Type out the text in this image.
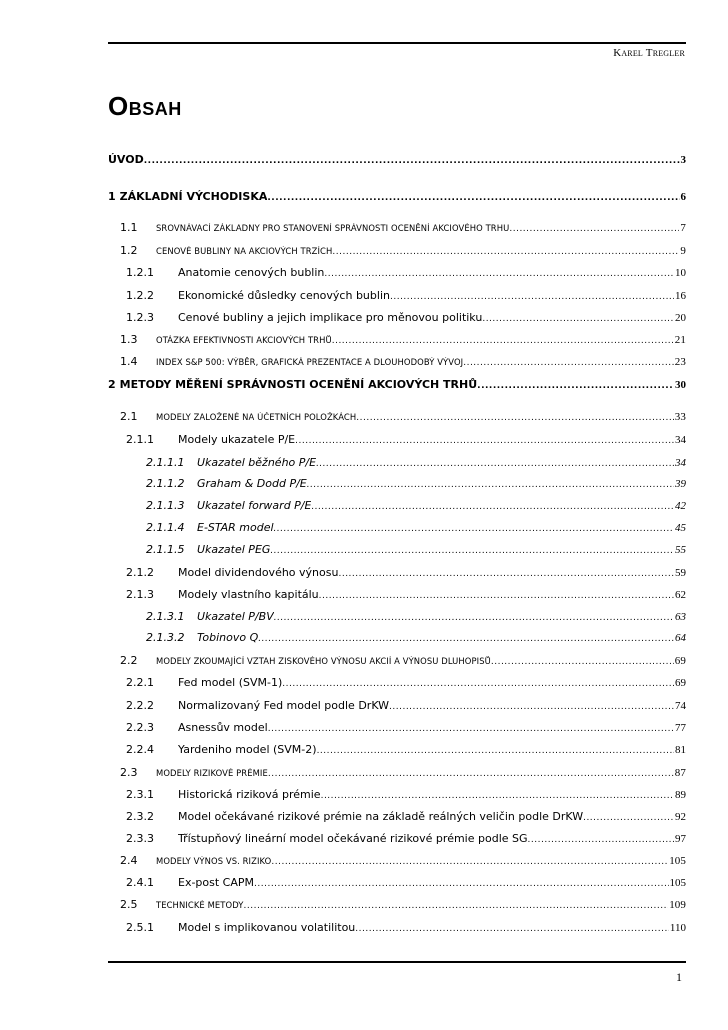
Karel Tregler
Obsah
ÚVOD .....	3
1 ZÁKLADNÍ VÝCHODISKA .....	6
1.1	SROVNÁVACÍ ZÁKLADNY PRO STANOVENÍ SPRÁVNOSTI OCENĚNÍ AKCIOVÉHO TRHU .....	7
1.2	CENOVÉ BUBLINY NA AKCIOVÝCH TRZÍCH .....	9
1.2.1	Anatomie cenových bublin .....	10
1.2.2	Ekonomické důsledky cenových bublin .....	16
1.2.3	Cenové bubliny a jejich implikace pro měnovou politiku .....	20
1.3	OTÁZKA EFEKTIVNOSTI AKCIOVÝCH TRHŮ .....	21
1.4	INDEX S&P 500: VÝBĚR, GRAFICKÁ PREZENTACE A DLOUHODOBÝ VÝVOJ .....	23
2 METODY MĚŘENÍ SPRÁVNOSTI OCENĚNÍ AKCIOVÝCH TRHŮ .....	30
2.1	MODELY ZALOŽENÉ NA ÚČETNÍCH POLOŽKÁCH .....	33
2.1.1	Modely ukazatele P/E .....	34
2.1.1.1	Ukazatel běžného P/E .....	34
2.1.1.2	Graham & Dodd P/E .....	39
2.1.1.3	Ukazatel forward P/E .....	42
2.1.1.4	E-STAR model .....	45
2.1.1.5	Ukazatel PEG .....	55
2.1.2	Model dividendového výnosu .....	59
2.1.3	Modely vlastního kapitálu .....	62
2.1.3.1	Ukazatel P/BV .....	63
2.1.3.2	Tobinovo Q .....	64
2.2	MODELY ZKOUMAJÍCÍ VZTAH ZISKOVÉHO VÝNOSU AKCIÍ A VÝNOSU DLUHOPISŮ .....	69
2.2.1	Fed model (SVM-1) .....	69
2.2.2	Normalizovaný Fed model podle DrKW .....	74
2.2.3	Asnessův model .....	77
2.2.4	Yardeniho model (SVM-2) .....	81
2.3	MODELY RIZIKOVÉ PRÉMIE .....	87
2.3.1	Historická riziková prémie .....	89
2.3.2	Model očekávané rizikové prémie na základě reálných veličin podle DrKW .....	92
2.3.3	Třístupňový lineární model očekávané rizikové prémie podle SG .....	97
2.4	MODELY VÝNOS VS. RIZIKO .....	105
2.4.1	Ex-post CAPM .....	105
2.5	TECHNICKÉ METODY .....	109
2.5.1	Model s implikovanou volatilitou .....	110
1
